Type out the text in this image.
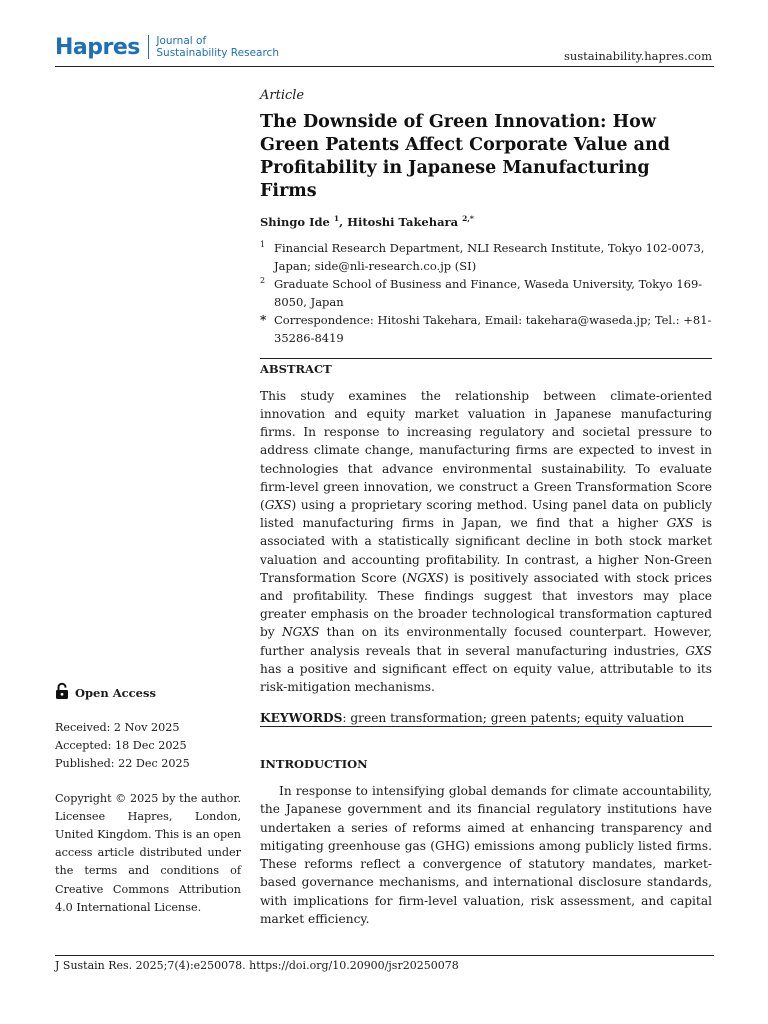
Hapres Journal of
Sustainability Research	sustainability.hapres.com
Article
The Downside of Green Innovation: How Green Patents Affect Corporate Value and Profitability in Japanese Manufacturing Firms
Shingo Ide $^1$, Hitoshi Takehara $^{2,*}$
1 Financial Research Department, NLI Research Institute, Tokyo 102-0073, Japan; side@nli-research.co.jp (SI)
2 Graduate School of Business and Finance, Waseda University, Tokyo 169-8050, Japan
* Correspondence: Hitoshi Takehara, Email: takehara@waseda.jp; Tel.: +81-35286-8419
ABSTRACT
This study examines the relationship between climate-oriented innovation and equity market valuation in Japanese manufacturing firms. In response to increasing regulatory and societal pressure to address climate change, manufacturing firms are expected to invest in technologies that advance environmental sustainability. To evaluate firm-level green innovation, we construct a Green Transformation Score (GXS) using a proprietary scoring method. Using panel data on publicly listed manufacturing firms in Japan, we find that a higher GXS is associated with a statistically significant decline in both stock market valuation and accounting profitability. In contrast, a higher Non-Green Transformation Score (NGXS) is positively associated with stock prices and profitability. These findings suggest that investors may place greater emphasis on the broader technological transformation captured by NGXS than on its environmentally focused counterpart. However, further analysis reveals that in several manufacturing industries, GXS has a positive and significant effect on equity value, attributable to its risk-mitigation mechanisms.
KEYWORDS: green transformation; green patents; equity valuation
INTRODUCTION
In response to intensifying global demands for climate accountability, the Japanese government and its financial regulatory institutions have undertaken a series of reforms aimed at enhancing transparency and mitigating greenhouse gas (GHG) emissions among publicly listed firms. These reforms reflect a convergence of statutory mandates, market-based governance mechanisms, and international disclosure standards, with implications for firm-level valuation, risk assessment, and capital market efficiency.
Open Access
Received: 2 Nov 2025
Accepted: 18 Dec 2025
Published: 22 Dec 2025
Copyright © 2025 by the author. Licensee Hapres, London, United Kingdom. This is an open access article distributed under the terms and conditions of Creative Commons Attribution 4.0 International License.
J Sustain Res. 2025;7(4):e250078. https://doi.org/10.20900/jsr20250078
